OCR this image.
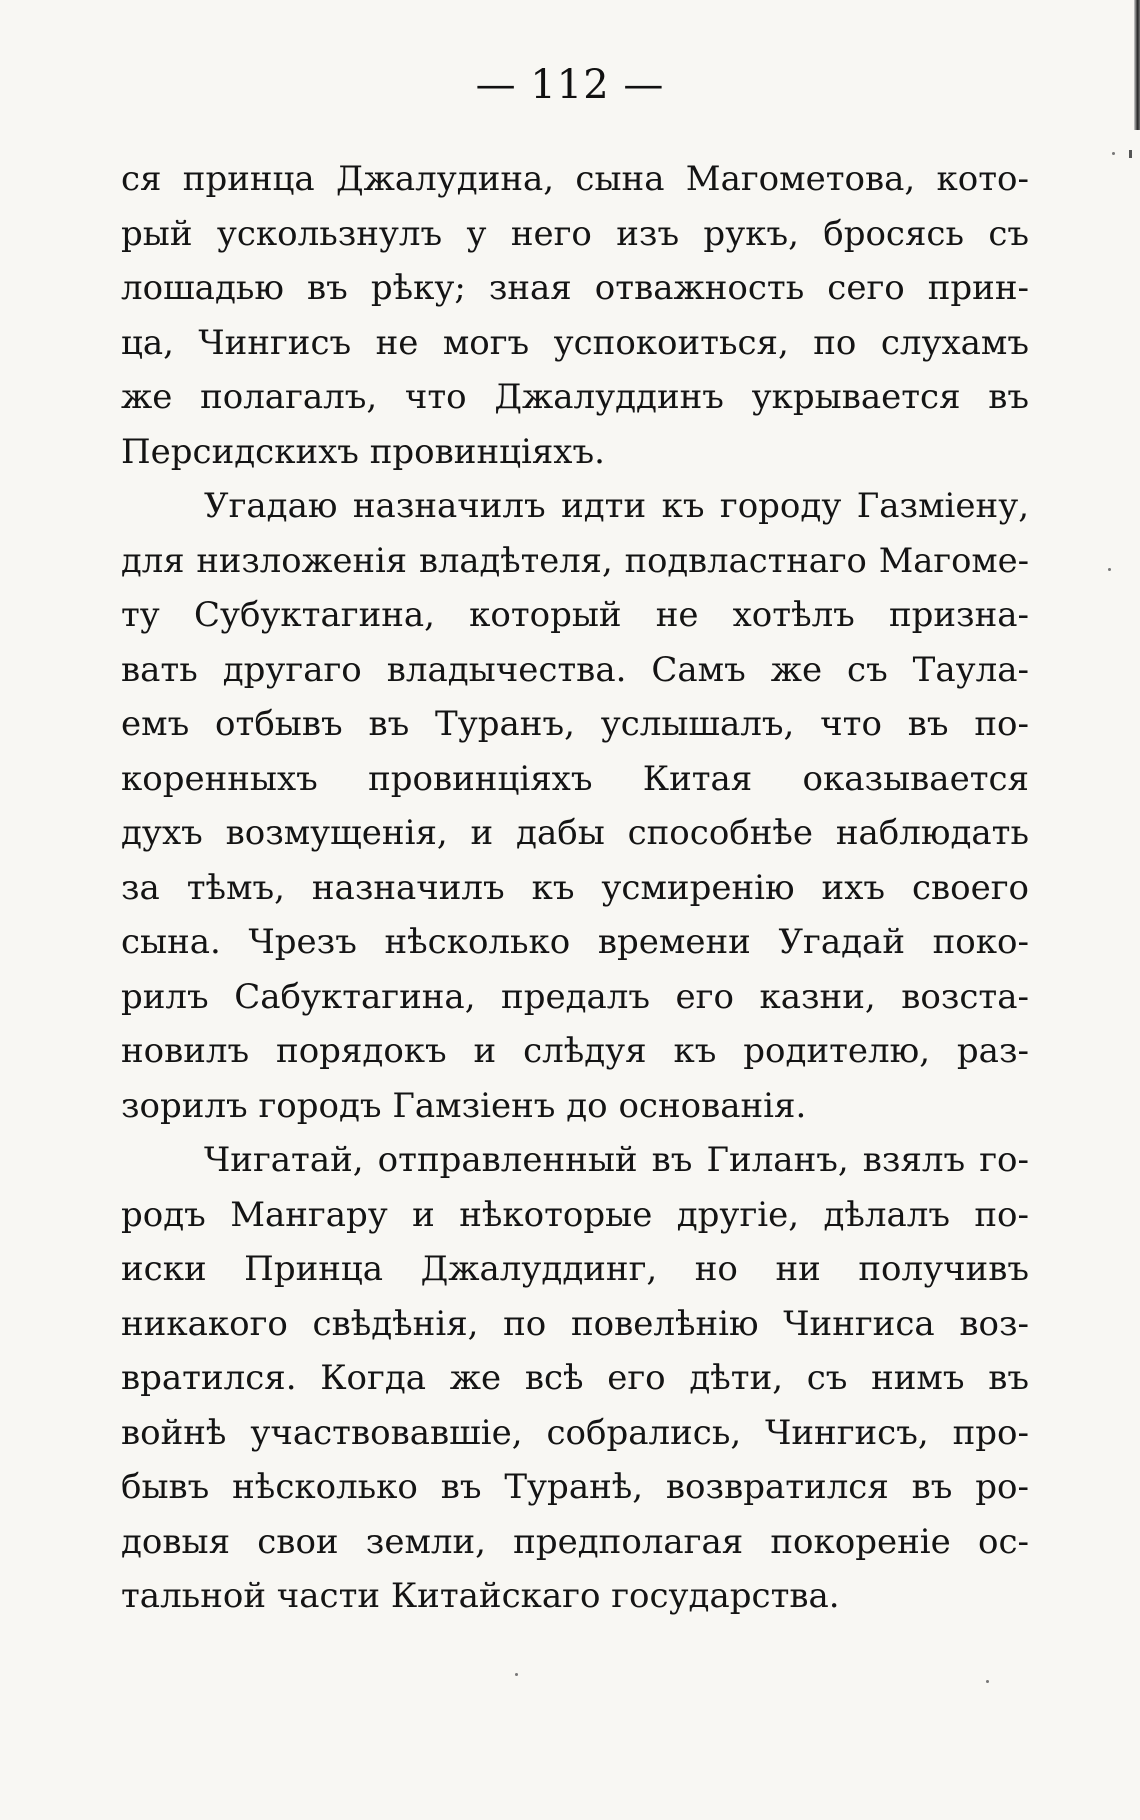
— 112 —
ся принца Джалудина, сына Магометова, кото-
рый ускользнулъ у него изъ рукъ, бросясь съ
лошадью въ рѣку; зная отважность сего прин-
ца, Чингисъ не могъ успокоиться, по слухамъ
же полагалъ, что Джалуддинъ укрывается въ
Персидскихъ провинцiяхъ.
Угадаю назначилъ идти къ городу Газмiену,
для низложенiя владѣтеля, подвластнаго Магоме-
ту Субуктагина, который не хотѣлъ призна-
вать другаго владычества. Самъ же съ Таула-
емъ отбывъ въ Туранъ, услышалъ, что въ по-
коренныхъ провинцiяхъ Китая оказывается
духъ возмущенiя, и дабы способнѣе наблюдать
за тѣмъ, назначилъ къ усмиренiю ихъ своего
сына. Чрезъ нѣсколько времени Угадай поко-
рилъ Сабуктагина, предалъ его казни, возста-
новилъ порядокъ и слѣдуя къ родителю, раз-
зорилъ городъ Гамзiенъ до основанiя.
Чигатай, отправленный въ Гиланъ, взялъ го-
родъ Мангару и нѣкоторые другiе, дѣлалъ по-
иски Принца Джалуддинг, но ни получивъ
никакого свѣдѣнiя, по повелѣнiю Чингиса воз-
вратился. Когда же всѣ его дѣти, съ нимъ въ
войнѣ участвовавшiе, собрались, Чингисъ, про-
бывъ нѣсколько въ Туранѣ, возвратился въ ро-
довыя свои земли, предполагая покоренiе ос-
тальной части Китайскаго государства.
